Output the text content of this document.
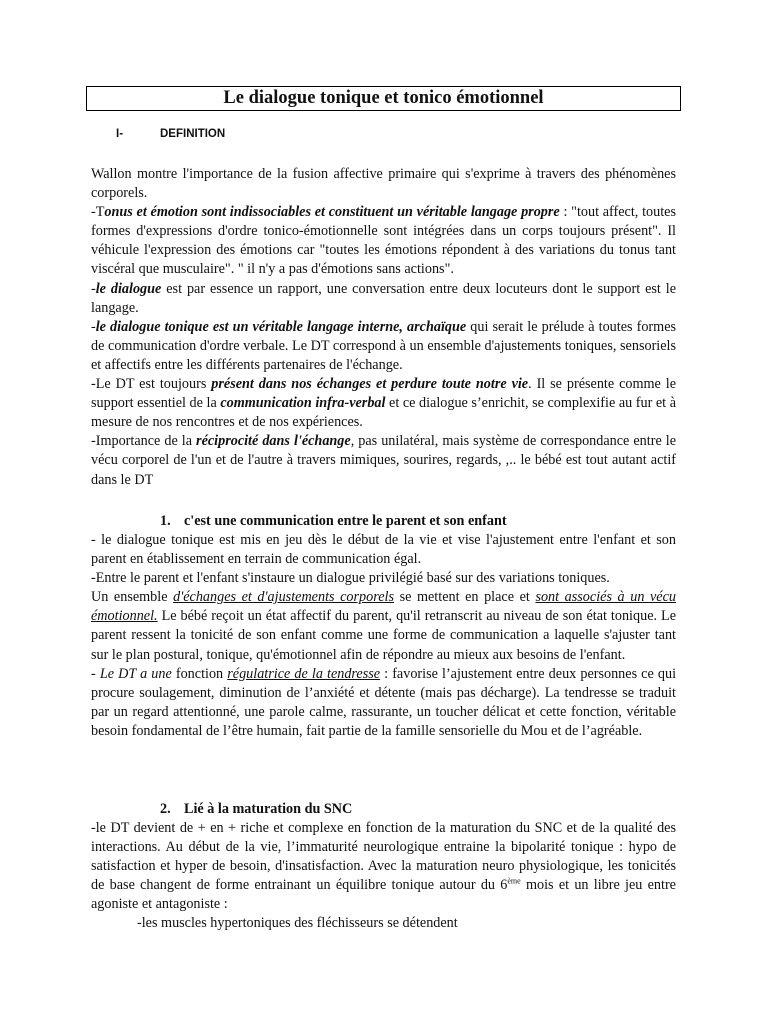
Le dialogue tonique et tonico émotionnel
I-	DEFINITION

Wallon montre l'importance de la fusion affective primaire qui s'exprime à travers des phénomènes corporels.

-Tonus et émotion sont indissociables et constituent un véritable langage propre : "tout affect, toutes formes d'expressions d'ordre tonico-émotionnelle sont intégrées dans un corps toujours présent". Il véhicule l'expression des émotions car "toutes les émotions répondent à des variations du tonus tant viscéral que musculaire". " il n'y a pas d'émotions sans actions".

-le dialogue est par essence un rapport, une conversation entre deux locuteurs dont le support est le langage.

-le dialogue tonique est un véritable langage interne, archaïque qui serait le prélude à toutes formes de communication d'ordre verbale. Le DT correspond à un ensemble d'ajustements toniques, sensoriels et affectifs entre les différents partenaires de l'échange.

-Le DT est toujours présent dans nos échanges et perdure toute notre vie. Il se présente comme le support essentiel de la communication infra-verbal et ce dialogue s’enrichit, se complexifie au fur et à mesure de nos rencontres et de nos expériences.

-Importance de la réciprocité dans l'échange, pas unilatéral, mais système de correspondance entre le vécu corporel de l'un et de l'autre à travers mimiques, sourires, regards, ,.. le bébé est tout autant actif dans le DT

1. c'est une communication entre le parent et son enfant

- le dialogue tonique est mis en jeu dès le début de la vie et vise l'ajustement entre l'enfant et son parent en établissement en terrain de communication égal.

-Entre le parent et l'enfant s'instaure un dialogue privilégié basé sur des variations toniques.

Un ensemble d'échanges et d'ajustements corporels se mettent en place et sont associés à un vécu émotionnel. Le bébé reçoit un état affectif du parent, qu'il retranscrit au niveau de son état tonique. Le parent ressent la tonicité de son enfant comme une forme de communication a laquelle s'ajuster tant sur le plan postural, tonique, qu'émotionnel afin de répondre au mieux aux besoins de l'enfant.

- Le DT a une fonction régulatrice de la tendresse : favorise l’ajustement entre deux personnes ce qui procure soulagement, diminution de l’anxiété et détente (mais pas décharge). La tendresse se traduit par un regard attentionné, une parole calme, rassurante, un toucher délicat et cette fonction, véritable besoin fondamental de l’être humain, fait partie de la famille sensorielle du Mou et de l’agréable.

2. Lié à la maturation du SNC

-le DT devient de + en + riche et complexe en fonction de la maturation du SNC et de la qualité des interactions. Au début de la vie, l’immaturité neurologique entraine la bipolarité tonique : hypo de satisfaction et hyper de besoin, d'insatisfaction. Avec la maturation neuro physiologique, les tonicités de base changent de forme entrainant un équilibre tonique autour du 6ème mois et un libre jeu entre agoniste et antagoniste :

-les muscles hypertoniques des fléchisseurs se détendent
